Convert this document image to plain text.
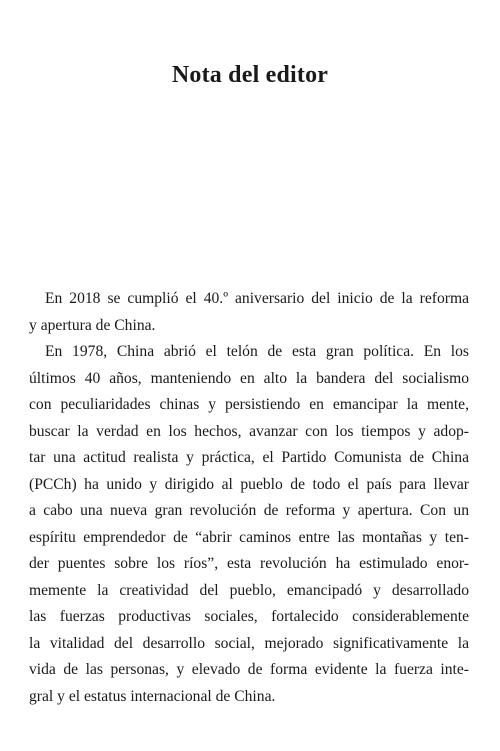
Nota del editor
En 2018 se cumplió el 40.º aniversario del inicio de la reforma
y apertura de China.
En 1978, China abrió el telón de esta gran política. En los
últimos 40 años, manteniendo en alto la bandera del socialismo
con peculiaridades chinas y persistiendo en emancipar la mente,
buscar la verdad en los hechos, avanzar con los tiempos y adop-
tar una actitud realista y práctica, el Partido Comunista de China
(PCCh) ha unido y dirigido al pueblo de todo el país para llevar
a cabo una nueva gran revolución de reforma y apertura. Con un
espíritu emprendedor de “abrir caminos entre las montañas y ten-
der puentes sobre los ríos”, esta revolución ha estimulado enor-
memente la creatividad del pueblo, emancipadó y desarrollado
las fuerzas productivas sociales, fortalecido considerablemente
la vitalidad del desarrollo social, mejorado significativamente la
vida de las personas, y elevado de forma evidente la fuerza inte-
gral y el estatus internacional de China.
